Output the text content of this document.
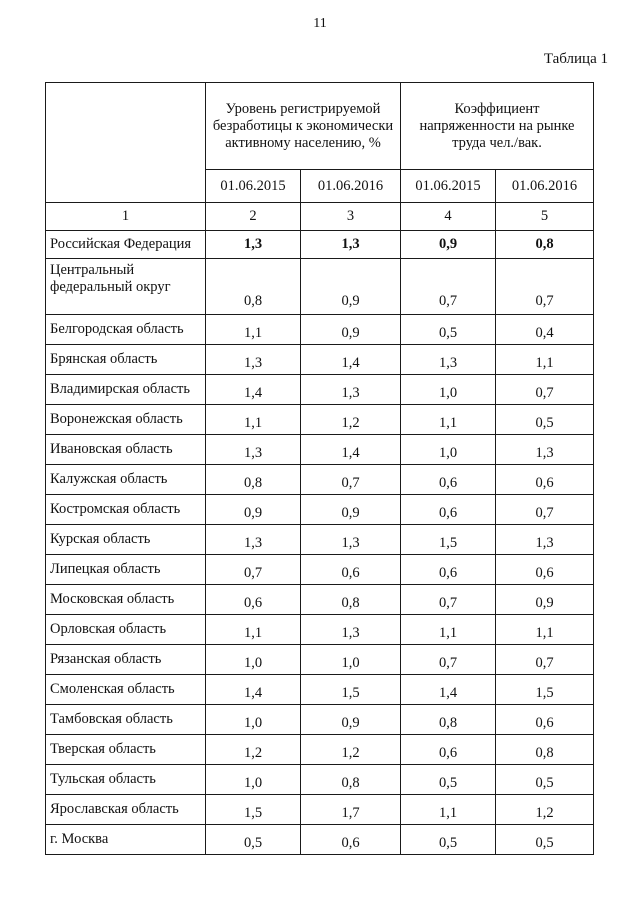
11
Таблица 1
	Уровень регистрируемой безработицы к экономически активному населению, %		Коэффициент напряженности на рынке труда чел./вак.	
	01.06.2015	01.06.2016	01.06.2015	01.06.2016
1	2	3	4	5
Российская Федерация	1,3	1,3	0,9	0,8
Центральный федеральный округ	0,8	0,9	0,7	0,7
Белгородская область	1,1	0,9	0,5	0,4
Брянская область	1,3	1,4	1,3	1,1
Владимирская область	1,4	1,3	1,0	0,7
Воронежская область	1,1	1,2	1,1	0,5
Ивановская область	1,3	1,4	1,0	1,3
Калужская область	0,8	0,7	0,6	0,6
Костромская область	0,9	0,9	0,6	0,7
Курская область	1,3	1,3	1,5	1,3
Липецкая область	0,7	0,6	0,6	0,6
Московская область	0,6	0,8	0,7	0,9
Орловская область	1,1	1,3	1,1	1,1
Рязанская область	1,0	1,0	0,7	0,7
Смоленская область	1,4	1,5	1,4	1,5
Тамбовская область	1,0	0,9	0,8	0,6
Тверская область	1,2	1,2	0,6	0,8
Тульская область	1,0	0,8	0,5	0,5
Ярославская область	1,5	1,7	1,1	1,2
г. Москва	0,5	0,6	0,5	0,5
